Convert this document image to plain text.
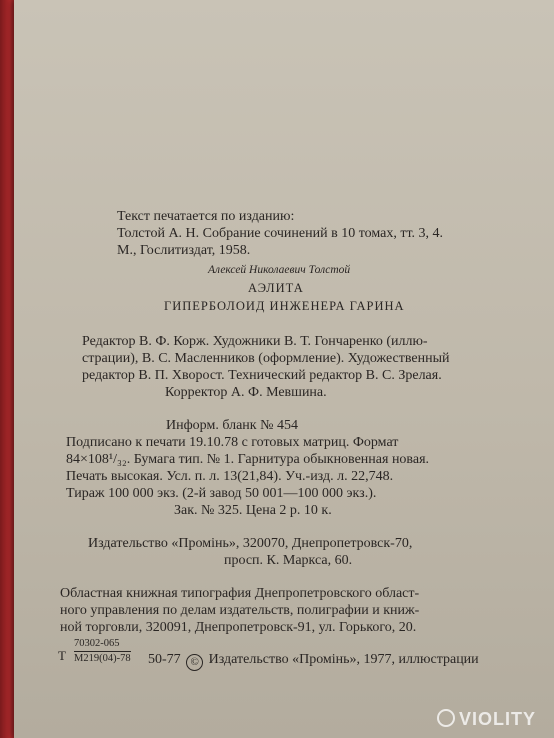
Текст печатается по изданию:
Толстой А. Н. Собрание сочинений в 10 томах, тт. 3, 4.
М., Гослитиздат, 1958.
Алексей Николаевич Толстой
АЭЛИТА
ГИПЕРБОЛОИД ИНЖЕНЕРА ГАРИНА
Редактор В. Ф. Корж. Художники В. Т. Гончаренко (иллю-
страции), В. С. Масленников (оформление). Художественный
редактор В. П. Хворост. Технический редактор В. С. Зрелая.
Корректор А. Ф. Мевшина.
Информ. бланк № 454
Подписано к печати 19.10.78 с готовых матриц. Формат
84×108¹/₃₂. Бумага тип. № 1. Гарнитура обыкновенная новая.
Печать высокая. Усл. п. л. 13(21,84). Уч.-изд. л. 22,748.
Тираж 100 000 экз. (2-й завод 50 001—100 000 экз.).
Зак. № 325. Цена 2 р. 10 к.
Издательство «Промінь», 320070, Днепропетровск-70,
просп. К. Маркса, 60.
Областная книжная типография Днепропетровского област-
ного управления по делам издательств, полиграфии и книж-
ной торговли, 320091, Днепропетровск-91, ул. Горького, 20.
Т
70302-065
М219(04)-78 50-77 © Издательство «Промінь», 1977, иллюстрации
VIOLITY
